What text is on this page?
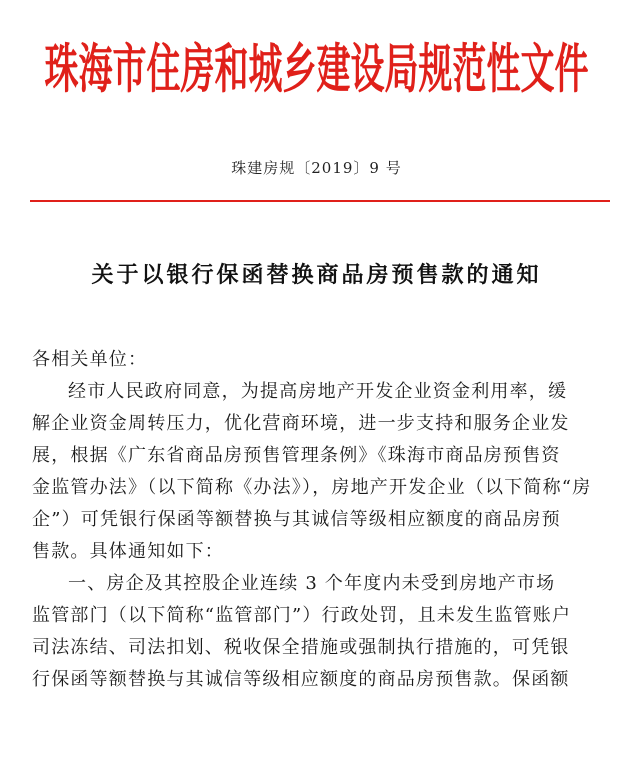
珠海市住房和城乡建设局规范性文件
珠建房规〔2019〕9 号
关于以银行保函替换商品房预售款的通知
各相关单位：
经市人民政府同意，为提高房地产开发企业资金利用率，缓
解企业资金周转压力，优化营商环境，进一步支持和服务企业发
展，根据《广东省商品房预售管理条例》《珠海市商品房预售资
金监管办法》（以下简称《办法》），房地产开发企业（以下简称“房
企”）可凭银行保函等额替换与其诚信等级相应额度的商品房预
售款。具体通知如下：
一、房企及其控股企业连续 3 个年度内未受到房地产市场
监管部门（以下简称“监管部门”）行政处罚，且未发生监管账户
司法冻结、司法扣划、税收保全措施或强制执行措施的，可凭银
行保函等额替换与其诚信等级相应额度的商品房预售款。保函额
